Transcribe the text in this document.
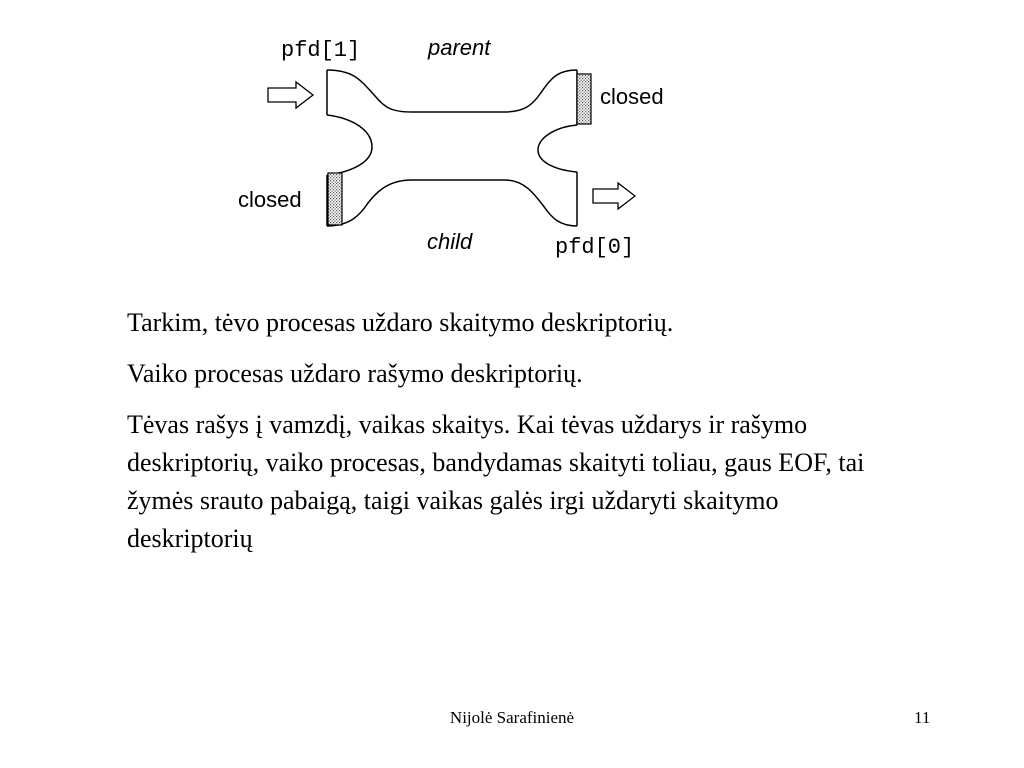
pfd[1]	parent
closed
closed
child	pfd[0]

Tarkim, tėvo procesas uždaro skaitymo deskriptorių.

Vaiko procesas uždaro rašymo deskriptorių.

Tėvas rašys į vamzdį, vaikas skaitys. Kai tėvas uždarys ir rašymo deskriptorių, vaiko procesas, bandydamas skaityti toliau, gaus EOF, tai žymės srauto pabaigą, taigi vaikas galės irgi uždaryti skaitymo deskriptorių

Nijolė Sarafinienė	11
